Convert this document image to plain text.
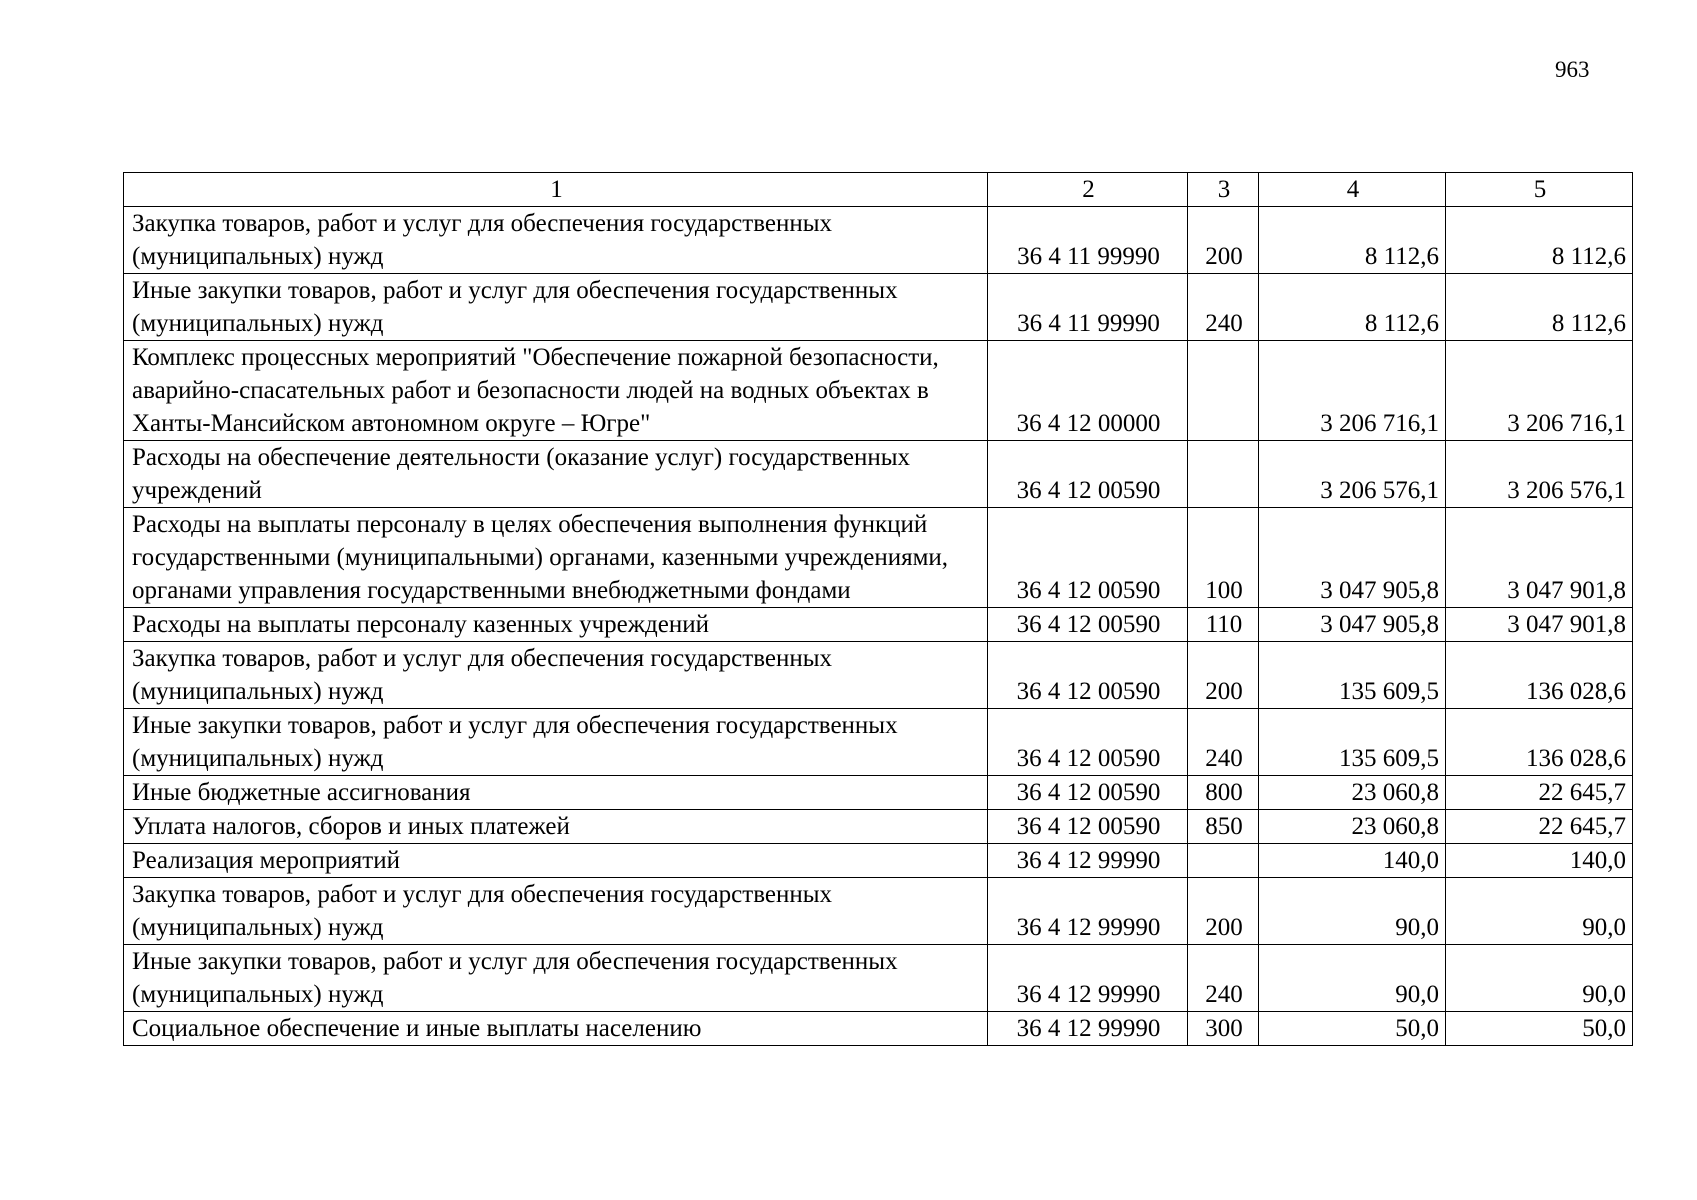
963
1	2	3	4	5
Закупка товаров, работ и услуг для обеспечения государственных (муниципальных) нужд	36 4 11 99990	200	8 112,6	8 112,6
Иные закупки товаров, работ и услуг для обеспечения государственных (муниципальных) нужд	36 4 11 99990	240	8 112,6	8 112,6
Комплекс процессных мероприятий "Обеспечение пожарной безопасности, аварийно-спасательных работ и безопасности людей на водных объектах в Ханты-Мансийском автономном округе – Югре"	36 4 12 00000		3 206 716,1	3 206 716,1
Расходы на обеспечение деятельности (оказание услуг) государственных учреждений	36 4 12 00590		3 206 576,1	3 206 576,1
Расходы на выплаты персоналу в целях обеспечения выполнения функций государственными (муниципальными) органами, казенными учреждениями, органами управления государственными внебюджетными фондами	36 4 12 00590	100	3 047 905,8	3 047 901,8
Расходы на выплаты персоналу казенных учреждений	36 4 12 00590	110	3 047 905,8	3 047 901,8
Закупка товаров, работ и услуг для обеспечения государственных (муниципальных) нужд	36 4 12 00590	200	135 609,5	136 028,6
Иные закупки товаров, работ и услуг для обеспечения государственных (муниципальных) нужд	36 4 12 00590	240	135 609,5	136 028,6
Иные бюджетные ассигнования	36 4 12 00590	800	23 060,8	22 645,7
Уплата налогов, сборов и иных платежей	36 4 12 00590	850	23 060,8	22 645,7
Реализация мероприятий	36 4 12 99990		140,0	140,0
Закупка товаров, работ и услуг для обеспечения государственных (муниципальных) нужд	36 4 12 99990	200	90,0	90,0
Иные закупки товаров, работ и услуг для обеспечения государственных (муниципальных) нужд	36 4 12 99990	240	90,0	90,0
Социальное обеспечение и иные выплаты населению	36 4 12 99990	300	50,0	50,0
